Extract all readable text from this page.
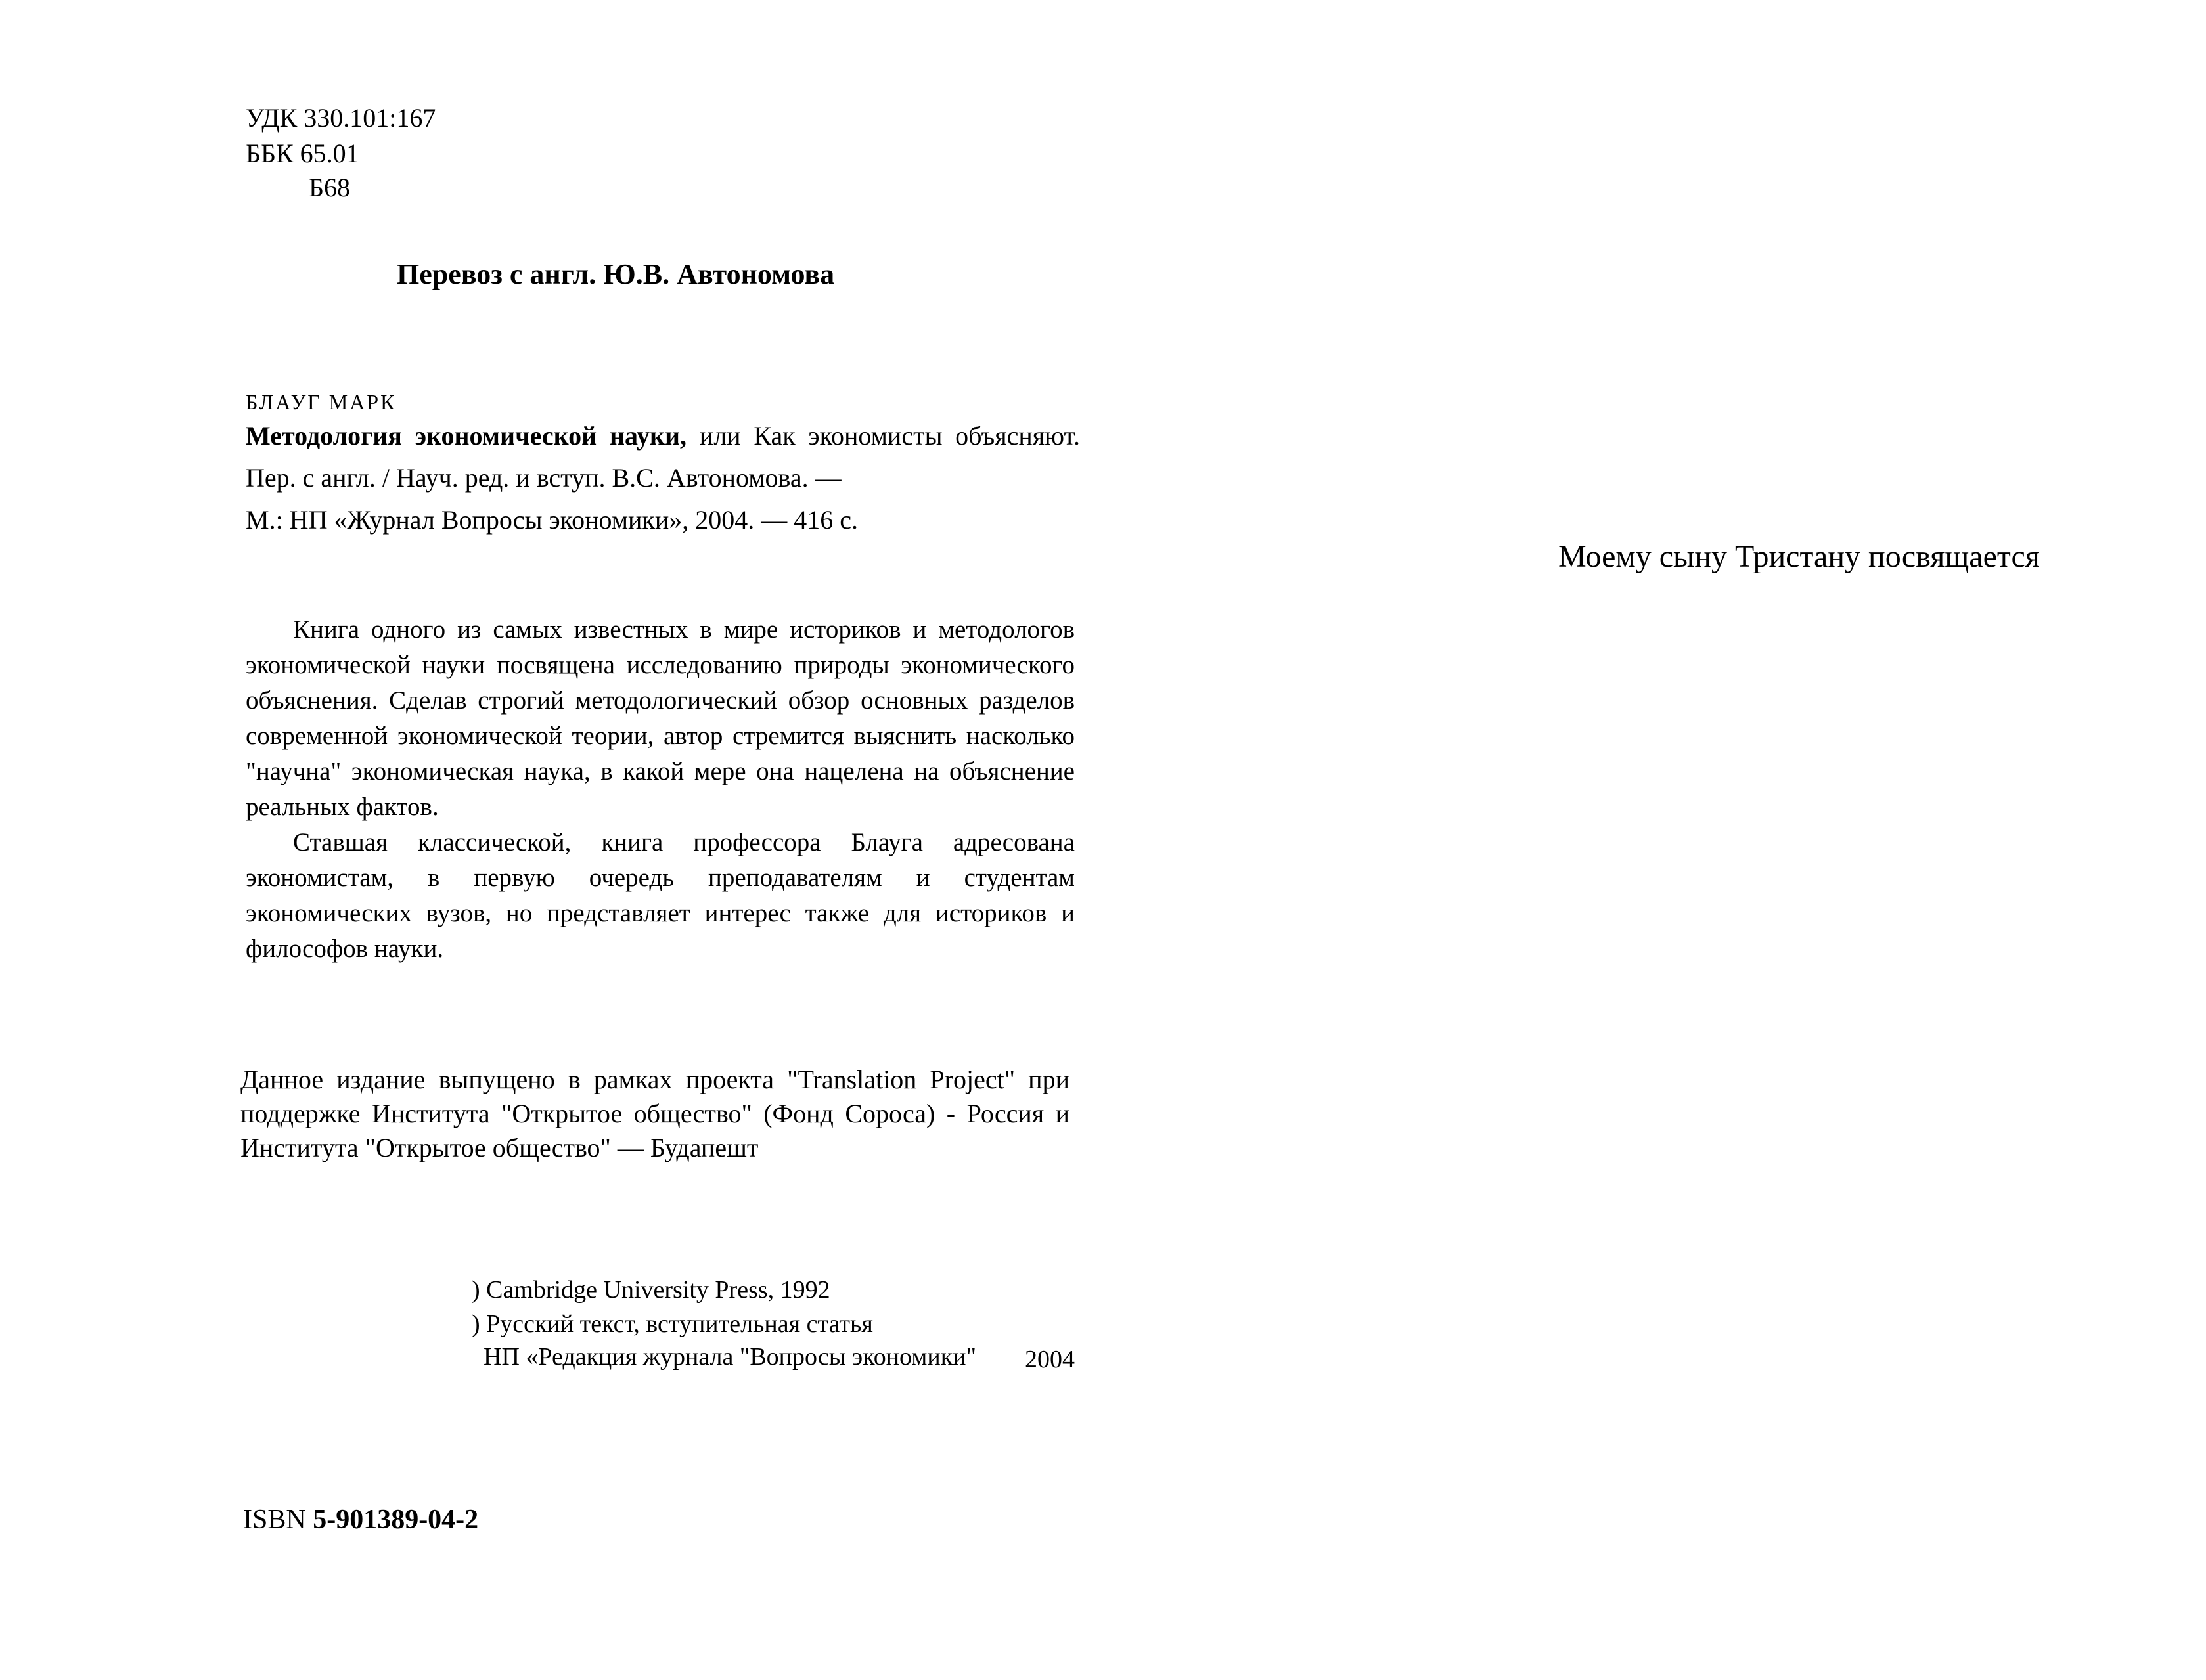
УДК 330.101:167
ББК 65.01
Б68
Перевоз с англ. Ю.В. Автономова
БЛАУГ МАРК
Методология экономической науки, или Как экономисты объясняют. Пер. с англ. / Науч. ред. и вступ. В.С. Автономова. —
М.: НП «Журнал Вопросы экономики», 2004. — 416 с.

Книга одного из самых известных в мире историков и методологов экономической науки посвящена исследованию природы экономического объяснения. Сделав строгий методологический обзор основных разделов современной экономической теории, автор стремится выяснить насколько "научна" экономическая наука, в какой мере она нацелена на объяснение реальных фактов.

Ставшая классической, книга профессора Блауга адресована экономистам, в первую очередь преподавателям и студентам экономических вузов, но представляет интерес также для историков и философов науки.

Данное издание выпущено в рамках проекта "Translation Project" при поддержке Института "Открытое общество" (Фонд Сороса) - Россия и Института "Открытое общество" — Будапешт
) Cambridge University Press, 1992
) Русский текст, вступительная статья
НП «Редакция журнала "Вопросы экономики" 2004
ISBN 5-901389-04-2
Моему сыну Тристану посвящается
